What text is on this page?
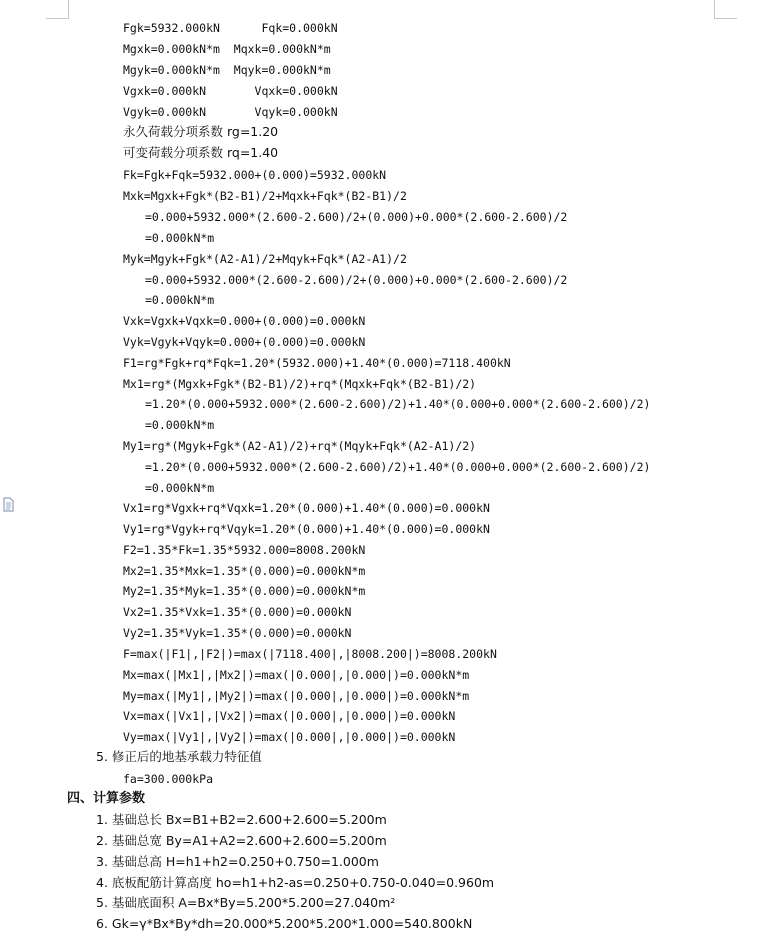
Fgk=5932.000kN      Fqk=0.000kN
Mgxk=0.000kN*m  Mqxk=0.000kN*m
Mgyk=0.000kN*m  Mqyk=0.000kN*m
Vgxk=0.000kN       Vqxk=0.000kN
Vgyk=0.000kN       Vqyk=0.000kN
永久荷载分项系数 rg=1.20
可变荷载分项系数 rq=1.40
Fk=Fgk+Fqk=5932.000+(0.000)=5932.000kN
Mxk=Mgxk+Fgk*(B2-B1)/2+Mqxk+Fqk*(B2-B1)/2
=0.000+5932.000*(2.600-2.600)/2+(0.000)+0.000*(2.600-2.600)/2
=0.000kN*m
Myk=Mgyk+Fgk*(A2-A1)/2+Mqyk+Fqk*(A2-A1)/2
=0.000+5932.000*(2.600-2.600)/2+(0.000)+0.000*(2.600-2.600)/2
=0.000kN*m
Vxk=Vgxk+Vqxk=0.000+(0.000)=0.000kN
Vyk=Vgyk+Vqyk=0.000+(0.000)=0.000kN
F1=rg*Fgk+rq*Fqk=1.20*(5932.000)+1.40*(0.000)=7118.400kN
Mx1=rg*(Mgxk+Fgk*(B2-B1)/2)+rq*(Mqxk+Fqk*(B2-B1)/2)
=1.20*(0.000+5932.000*(2.600-2.600)/2)+1.40*(0.000+0.000*(2.600-2.600)/2)
=0.000kN*m
My1=rg*(Mgyk+Fgk*(A2-A1)/2)+rq*(Mqyk+Fqk*(A2-A1)/2)
=1.20*(0.000+5932.000*(2.600-2.600)/2)+1.40*(0.000+0.000*(2.600-2.600)/2)
=0.000kN*m
Vx1=rg*Vgxk+rq*Vqxk=1.20*(0.000)+1.40*(0.000)=0.000kN
Vy1=rg*Vgyk+rq*Vqyk=1.20*(0.000)+1.40*(0.000)=0.000kN
F2=1.35*Fk=1.35*5932.000=8008.200kN
Mx2=1.35*Mxk=1.35*(0.000)=0.000kN*m
My2=1.35*Myk=1.35*(0.000)=0.000kN*m
Vx2=1.35*Vxk=1.35*(0.000)=0.000kN
Vy2=1.35*Vyk=1.35*(0.000)=0.000kN
F=max(|F1|,|F2|)=max(|7118.400|,|8008.200|)=8008.200kN
Mx=max(|Mx1|,|Mx2|)=max(|0.000|,|0.000|)=0.000kN*m
My=max(|My1|,|My2|)=max(|0.000|,|0.000|)=0.000kN*m
Vx=max(|Vx1|,|Vx2|)=max(|0.000|,|0.000|)=0.000kN
Vy=max(|Vy1|,|Vy2|)=max(|0.000|,|0.000|)=0.000kN
5. 修正后的地基承载力特征值
fa=300.000kPa
四、计算参数
1. 基础总长 Bx=B1+B2=2.600+2.600=5.200m
2. 基础总宽 By=A1+A2=2.600+2.600=5.200m
3. 基础总高 H=h1+h2=0.250+0.750=1.000m
4. 底板配筋计算高度 ho=h1+h2-as=0.250+0.750-0.040=0.960m
5. 基础底面积 A=Bx*By=5.200*5.200=27.040m²
6. Gk=γ*Bx*By*dh=20.000*5.200*5.200*1.000=540.800kN
